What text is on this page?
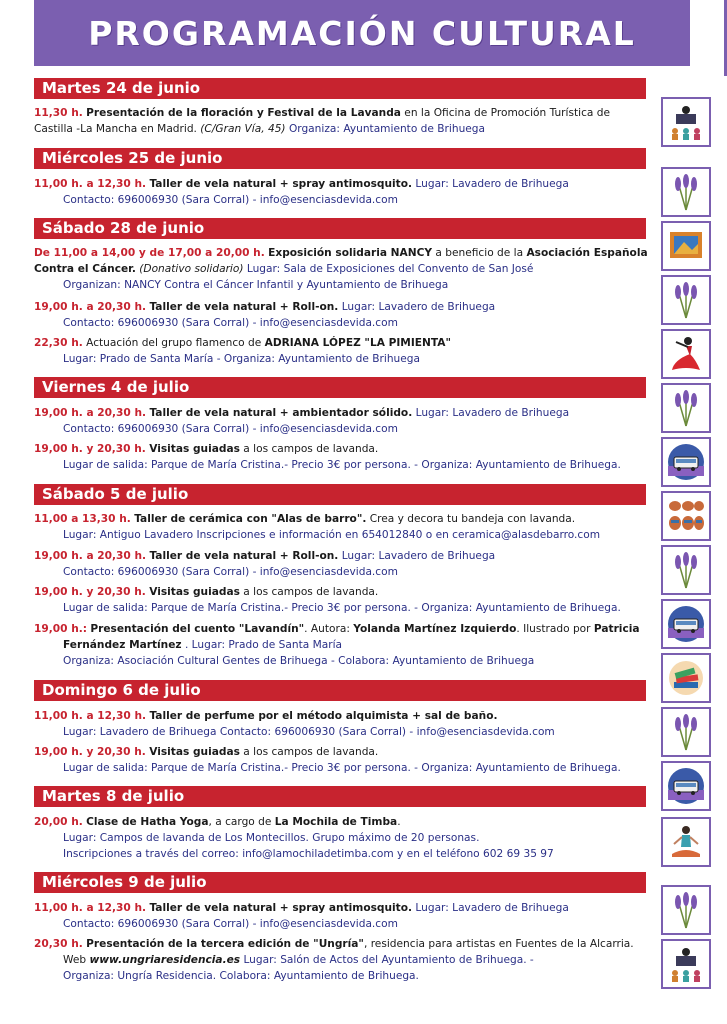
PROGRAMACIÓN CULTURAL
Martes 24 de junio
Miércoles 25 de junio
Sábado 28 de junio
Viernes 4 de julio
Sábado 5 de julio
Domingo 6 de julio
Martes 8 de julio
Miércoles 9 de julio
11,30 h. Presentación de la floración y Festival de la Lavanda en la Oficina de Promoción Turística de
Castilla -La Mancha en Madrid. (C/Gran Vía, 45) Organiza: Ayuntamiento de Brihuega
11,00 h. a 12,30 h. Taller de vela natural + spray antimosquito. Lugar: Lavadero de Brihuega
Contacto: 696006930 (Sara Corral) - info@esenciasdevida.com
De 11,00 a 14,00 y de 17,00 a 20,00 h. Exposición solidaria NANCY a beneficio de la Asociación Española
Contra el Cáncer. (Donativo solidario) Lugar: Sala de Exposiciones del Convento de San José
Organizan: NANCY Contra el Cáncer Infantil y Ayuntamiento de Brihuega
19,00 h. a 20,30 h. Taller de vela natural + Roll-on. Lugar: Lavadero de Brihuega
Contacto: 696006930 (Sara Corral) - info@esenciasdevida.com
22,30 h. Actuación del grupo flamenco de ADRIANA LÓPEZ "LA PIMIENTA"
Lugar: Prado de Santa María - Organiza: Ayuntamiento de Brihuega
19,00 h. a 20,30 h. Taller de vela natural + ambientador sólido. Lugar: Lavadero de Brihuega
Contacto: 696006930 (Sara Corral) - info@esenciasdevida.com
19,00 h. y 20,30 h. Visitas guiadas a los campos de lavanda.
Lugar de salida: Parque de María Cristina.- Precio 3€ por persona. - Organiza: Ayuntamiento de Brihuega.
11,00 a 13,30 h. Taller de cerámica con "Alas de barro". Crea y decora tu bandeja con lavanda.
Lugar: Antiguo Lavadero Inscripciones e información en 654012840 o en ceramica@alasdebarro.com
19,00 h. a 20,30 h. Taller de vela natural + Roll-on. Lugar: Lavadero de Brihuega
Contacto: 696006930 (Sara Corral) - info@esenciasdevida.com
19,00 h. y 20,30 h. Visitas guiadas a los campos de lavanda.
Lugar de salida: Parque de María Cristina.- Precio 3€ por persona. - Organiza: Ayuntamiento de Brihuega.
19,00 h.: Presentación del cuento "Lavandín". Autora: Yolanda Martínez Izquierdo. Ilustrado por Patricia
Fernández Martínez . Lugar: Prado de Santa María
Organiza: Asociación Cultural Gentes de Brihuega - Colabora: Ayuntamiento de Brihuega
11,00 h. a 12,30 h. Taller de perfume por el método alquimista + sal de baño.
Lugar: Lavadero de Brihuega Contacto: 696006930 (Sara Corral) - info@esenciasdevida.com
19,00 h. y 20,30 h. Visitas guiadas a los campos de lavanda.
Lugar de salida: Parque de María Cristina.- Precio 3€ por persona. - Organiza: Ayuntamiento de Brihuega.
20,00 h. Clase de Hatha Yoga, a cargo de La Mochila de Timba.
Lugar: Campos de lavanda de Los Montecillos. Grupo máximo de 20 personas.
Inscripciones a través del correo: info@lamochiladetimba.com y en el teléfono 602 69 35 97
11,00 h. a 12,30 h. Taller de vela natural + spray antimosquito. Lugar: Lavadero de Brihuega
Contacto: 696006930 (Sara Corral) - info@esenciasdevida.com
20,30 h. Presentación de la tercera edición de "Ungría", residencia para artistas en Fuentes de la Alcarria.
Web www.ungriaresidencia.es Lugar: Salón de Actos del Ayuntamiento de Brihuega. -
Organiza: Ungría Residencia. Colabora: Ayuntamiento de Brihuega.
